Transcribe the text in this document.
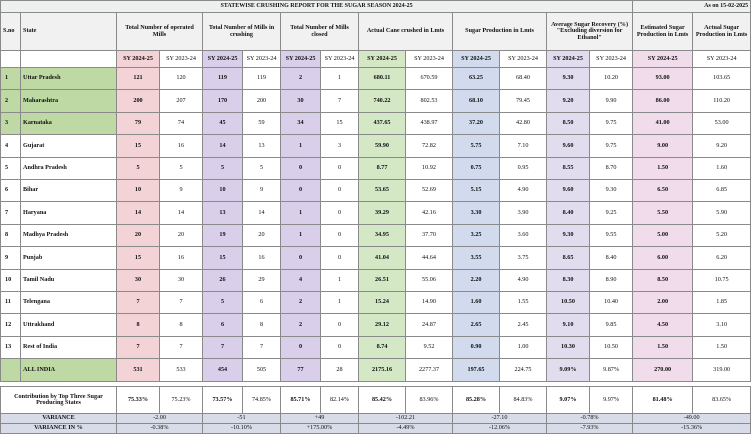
STATEWISE CRUSHING REPORT FOR THE SUGAR SEASON 2024-25														As on 15-02-2025	
S.no	State	Total Number of operated Mills		Total Number of Mills in crushing		Total Number of Mills closed		Actual Cane crushed in Lmts		Sugar Production in Lmts		Average Sugar Recovery (%) "Excluding diversion for Ethanol"		Estimated Sugar Production in Lmts	Actual Sugar Production in Lmts
		SY 2024-25	SY 2023-24	SY 2024-25	SY 2023-24	SY 2024-25	SY 2023-24	SY 2024-25	SY 2023-24	SY 2024-25	SY 2023-24	SY 2024-25	SY 2023-24	SY 2024-25	SY 2023-24
1	Uttar Pradesh	121	120	119	119	2	1	680.11	670.59	63.25	68.40	9.30	10.20	93.00	103.65
2	Maharashtra	200	207	170	200	30	7	740.22	802.53	68.10	79.45	9.20	9.90	86.00	110.20
3	Karnataka	79	74	45	59	34	15	437.65	438.97	37.20	42.80	8.50	9.75	41.00	53.00
4	Gujarat	15	16	14	13	1	3	59.90	72.82	5.75	7.10	9.60	9.75	9.00	9.20
5	Andhra Pradesh	5	5	5	5	0	0	8.77	10.92	0.75	0.95	8.55	8.70	1.50	1.60
6	Bihar	10	9	10	9	0	0	53.65	52.69	5.15	4.90	9.60	9.30	6.50	6.85
7	Haryana	14	14	13	14	1	0	39.29	42.16	3.30	3.90	8.40	9.25	5.50	5.90
8	Madhya Pradesh	20	20	19	20	1	0	34.95	37.70	3.25	3.60	9.30	9.55	5.00	5.20
9	Punjab	15	16	15	16	0	0	41.04	44.64	3.55	3.75	8.65	8.40	6.00	6.20
10	Tamil Nadu	30	30	26	29	4	1	26.51	55.06	2.20	4.90	8.30	8.90	8.50	10.75
11	Telengana	7	7	5	6	2	1	15.24	14.90	1.60	1.55	10.50	10.40	2.00	1.85
12	Uttrakhand	8	8	6	8	2	0	29.12	24.87	2.65	2.45	9.10	9.85	4.50	3.10
13	Rest of India	7	7	7	7	0	0	8.74	9.52	0.90	1.00	10.30	10.50	1.50	1.50
	ALL INDIA	531	533	454	505	77	28	2175.16	2277.37	197.65	224.75	9.09%	9.87%	270.00	319.00

Contribution by Top Three Sugar Producing States		75.33%	75.23%	73.57%	74.85%	85.71%	82.14%	85.42%	83.96%	85.28%	84.83%	9.07%	9.97%	81.48%	83.65%
VARIANCE		-2.00		-51		+49		-102.21		-27.10		-0.78%		-49.00	
VARIANCE IN %		-0.38%		-10.10%		+175.00%		-4.49%		-12.06%		-7.93%		-15.36%	
